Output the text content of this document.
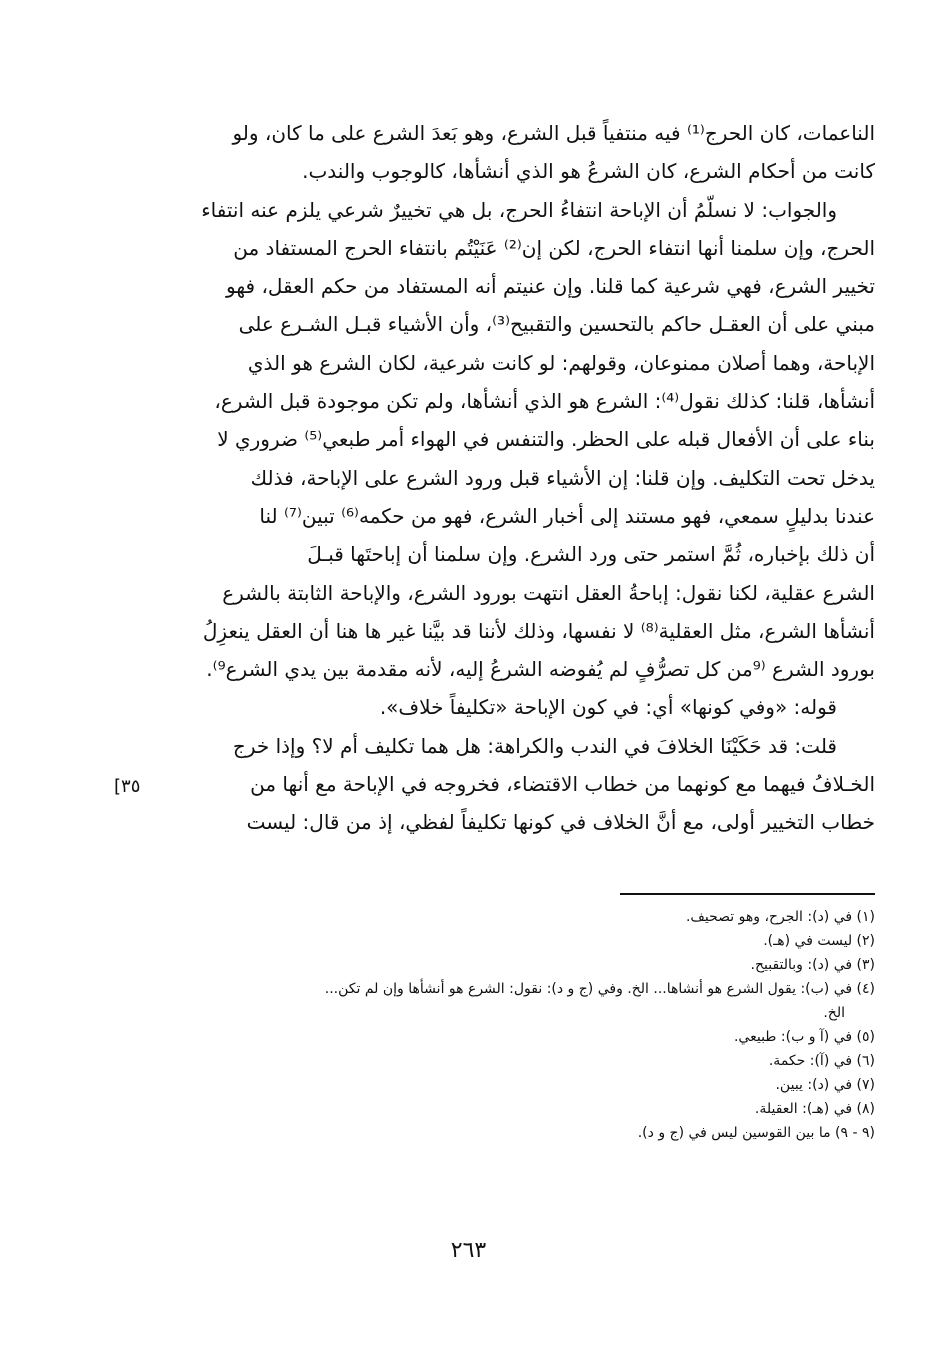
الناعمات، كان الحرج⁽¹⁾ فيه منتفياً قبل الشرع، وهو بَعدَ الشرع على ما كان، ولو
كانت من أحكام الشرع، كان الشرعُ هو الذي أنشأها، كالوجوب والندب.
والجواب: لا نسلّمُ أن الإباحة انتفاءُ الحرج، بل هي تخييرٌ شرعي يلزم عنه انتفاء
الحرج، وإن سلمنا أنها انتفاء الحرج، لكن إن⁽²⁾ عَنَيْتُم بانتفاء الحرج المستفاد من
تخيير الشرع، فهي شرعية كما قلنا. وإن عنيتم أنه المستفاد من حكم العقل، فهو
مبني على أن العقـل حاكم بالتحسين والتقبيح⁽³⁾، وأن الأشياء قبـل الشـرع على
الإباحة، وهما أصلان ممنوعان، وقولهم: لو كانت شرعية، لكان الشرع هو الذي
أنشأها، قلنا: كذلك نقول⁽⁴⁾: الشرع هو الذي أنشأها، ولم تكن موجودة قبل الشرع،
بناء على أن الأفعال قبله على الحظر. والتنفس في الهواء أمر طبعي⁽⁵⁾ ضروري لا
يدخل تحت التكليف. وإن قلنا: إن الأشياء قبل ورود الشرع على الإباحة، فذلك
عندنا بدليلٍ سمعي، فهو مستند إلى أخبار الشرع، فهو من حكمه⁽⁶⁾ تبين⁽⁷⁾ لنا
أن ذلك بإخباره، ثُمَّ استمر حتى ورد الشرع. وإن سلمنا أن إباحتَها قبـلَ
الشرع عقلية، لكنا نقول: إباحةُ العقل انتهت بورود الشرع، والإباحة الثابتة بالشرع
أنشأها الشرع، مثل العقلية⁽⁸⁾ لا نفسها، وذلك لأننا قد بيَّنا غير ها هنا أن العقل ينعزِلُ
بورود الشرع ⁽⁹من كل تصرُّفٍ لم يُفوضه الشرعُ إليه، لأنه مقدمة بين يدي الشرع⁹⁾.
قوله: «وفي كونها» أي: في كون الإباحة «تكليفاً خلاف».
قلت: قد حَكَيْنَا الخلافَ في الندب والكراهة: هل هما تكليف أم لا؟ وإذا خرج
الخـلافُ فيهما مع كونهما من خطاب الاقتضاء، فخروجه في الإباحة مع أنها من
خطاب التخيير أولى، مع أنَّ الخلاف في كونها تكليفاً لفظي، إذ من قال: ليست
[٣٥
(١) في (د): الجرح، وهو تصحيف.
(٢) ليست في (هـ).
(٣) في (د): وبالتقبيح.
(٤) في (ب): يقول الشرع هو أنشاها... الخ. وفي (ج و د): نقول: الشرع هو أنشأها وإن لم تكن...
الخ.
(٥) في (آ و ب): طبيعي.
(٦) في (آ): حكمة.
(٧) في (د): يبين.
(٨) في (هـ): العقيلة.
(٩ - ٩) ما بين القوسين ليس في (ج و د).
٢٦٣
